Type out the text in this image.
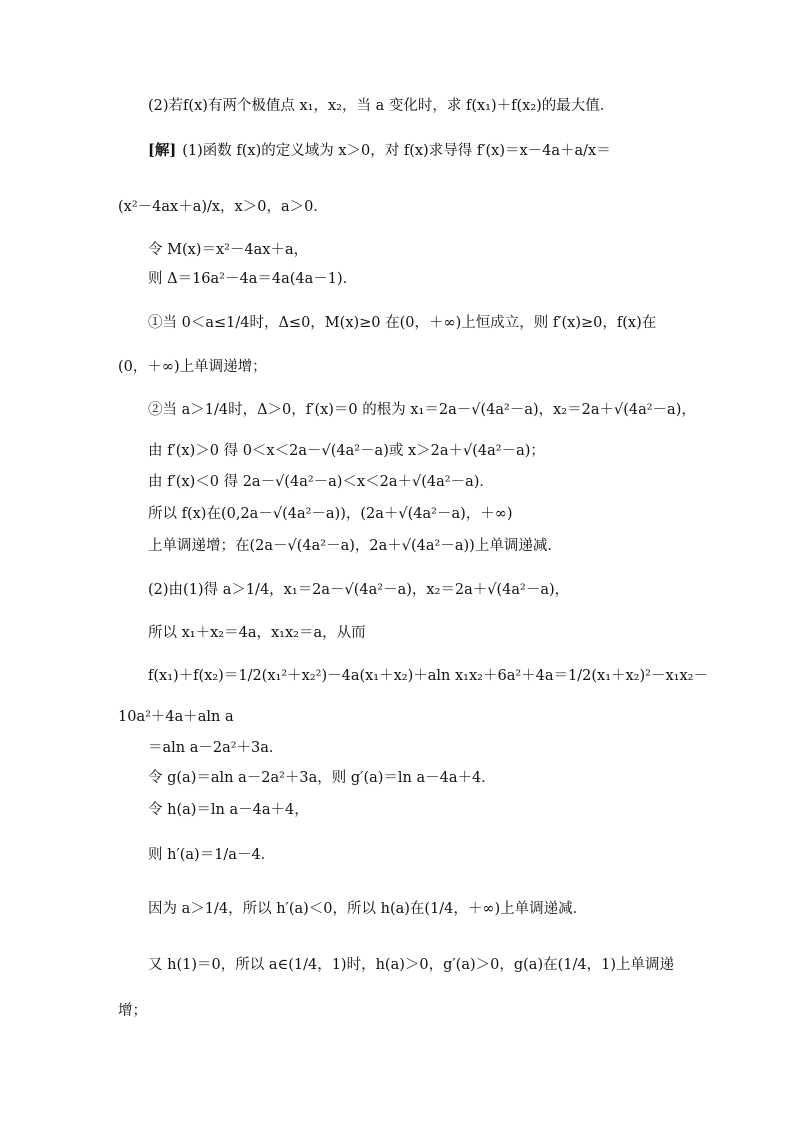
(2)若f(x)有两个极值点 x₁，x₂，当 a 变化时，求 f(x₁)＋f(x₂)的最大值．
[解] (1)函数 f(x)的定义域为 x＞0，对 f(x)求导得 f′(x)＝x－4a＋a/x＝
(x²－4ax＋a)/x，x＞0，a＞0．
令 M(x)＝x²－4ax＋a，
则 Δ＝16a²－4a＝4a(4a－1)．
①当 0＜a≤1/4时，Δ≤0，M(x)≥0 在(0，＋∞)上恒成立，则 f′(x)≥0，f(x)在
(0，＋∞)上单调递增；
②当 a＞1/4时，Δ＞0，f′(x)＝0 的根为 x₁＝2a－√(4a²－a)，x₂＝2a＋√(4a²－a)，
由 f′(x)＞0 得 0＜x＜2a－√(4a²－a)或 x＞2a＋√(4a²－a)；
由 f′(x)＜0 得 2a－√(4a²－a)＜x＜2a＋√(4a²－a)．
所以 f(x)在(0,2a－√(4a²－a))，(2a＋√(4a²－a)，＋∞)
上单调递增；在(2a－√(4a²－a)，2a＋√(4a²－a))上单调递减．
(2)由(1)得 a＞1/4，x₁＝2a－√(4a²－a)，x₂＝2a＋√(4a²－a)，
所以 x₁＋x₂＝4a，x₁x₂＝a，从而
f(x₁)＋f(x₂)＝1/2(x₁²＋x₂²)－4a(x₁＋x₂)＋aln x₁x₂＋6a²＋4a＝1/2(x₁＋x₂)²－x₁x₂－
10a²＋4a＋aln a
＝aln a－2a²＋3a．
令 g(a)＝aln a－2a²＋3a，则 g′(a)＝ln a－4a＋4．
令 h(a)＝ln a－4a＋4，
则 h′(a)＝1/a－4．
因为 a＞1/4，所以 h′(a)＜0，所以 h(a)在(1/4，＋∞)上单调递减．
又 h(1)＝0，所以 a∈(1/4，1)时，h(a)＞0，g′(a)＞0，g(a)在(1/4，1)上单调递
增；
